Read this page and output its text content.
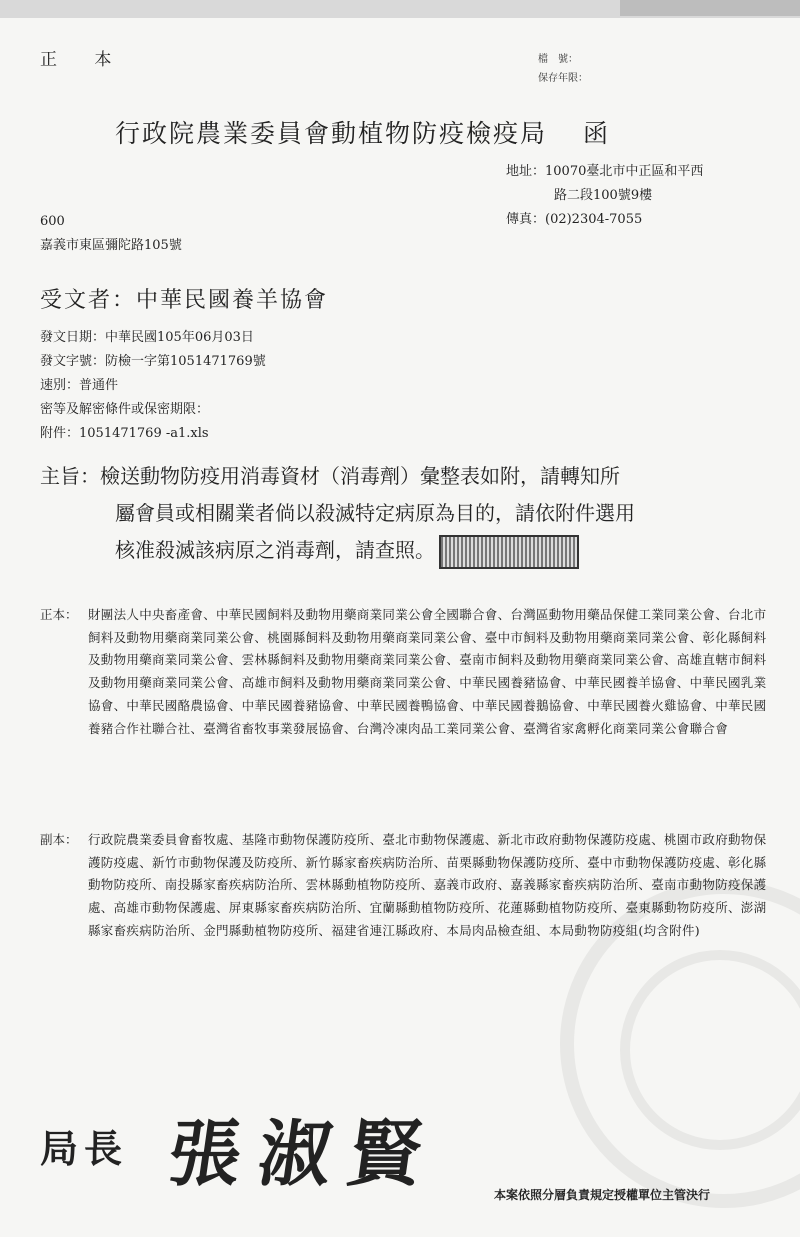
正 本	檔　號：
保存年限：
行政院農業委員會動植物防疫檢疫局 函
地址：10070臺北市中正區和平西
路二段100號9樓
傳真：(02)2304-7055
600
嘉義市東區彌陀路105號
受文者：中華民國養羊協會
發文日期：中華民國105年06月03日
發文字號：防檢一字第1051471769號
速別：普通件
密等及解密條件或保密期限：
附件：1051471769 -a1.xls
主旨：檢送動物防疫用消毒資材（消毒劑）彙整表如附，請轉知所
屬會員或相關業者倘以殺滅特定病原為目的，請依附件選用
核准殺滅該病原之消毒劑，請查照。
正本： 財團法人中央畜產會、中華民國飼料及動物用藥商業同業公會全國聯合會、台灣區動物用藥品保健工業同業公會、台北市飼料及動物用藥商業同業公會、桃園縣飼料及動物用藥商業同業公會、臺中市飼料及動物用藥商業同業公會、彰化縣飼料及動物用藥商業同業公會、雲林縣飼料及動物用藥商業同業公會、臺南市飼料及動物用藥商業同業公會、高雄直轄市飼料及動物用藥商業同業公會、高雄市飼料及動物用藥商業同業公會、中華民國養豬協會、中華民國養羊協會、中華民國乳業協會、中華民國酪農協會、中華民國養豬協會、中華民國養鴨協會、中華民國養鵝協會、中華民國養火雞協會、中華民國養豬合作社聯合社、臺灣省畜牧事業發展協會、台灣冷凍肉品工業同業公會、臺灣省家禽孵化商業同業公會聯合會
副本： 行政院農業委員會畜牧處、基隆市動物保護防疫所、臺北市動物保護處、新北市政府動物保護防疫處、桃園市政府動物保護防疫處、新竹市動物保護及防疫所、新竹縣家畜疾病防治所、苗栗縣動物保護防疫所、臺中市動物保護防疫處、彰化縣動物防疫所、南投縣家畜疾病防治所、雲林縣動植物防疫所、嘉義市政府、嘉義縣家畜疾病防治所、臺南市動物防疫保護處、高雄市動物保護處、屏東縣家畜疾病防治所、宜蘭縣動植物防疫所、花蓮縣動植物防疫所、臺東縣動物防疫所、澎湖縣家畜疾病防治所、金門縣動植物防疫所、福建省連江縣政府、本局肉品檢查組、本局動物防疫組(均含附件)
局長 張淑賢	本案依照分層負責規定授權單位主管決行
